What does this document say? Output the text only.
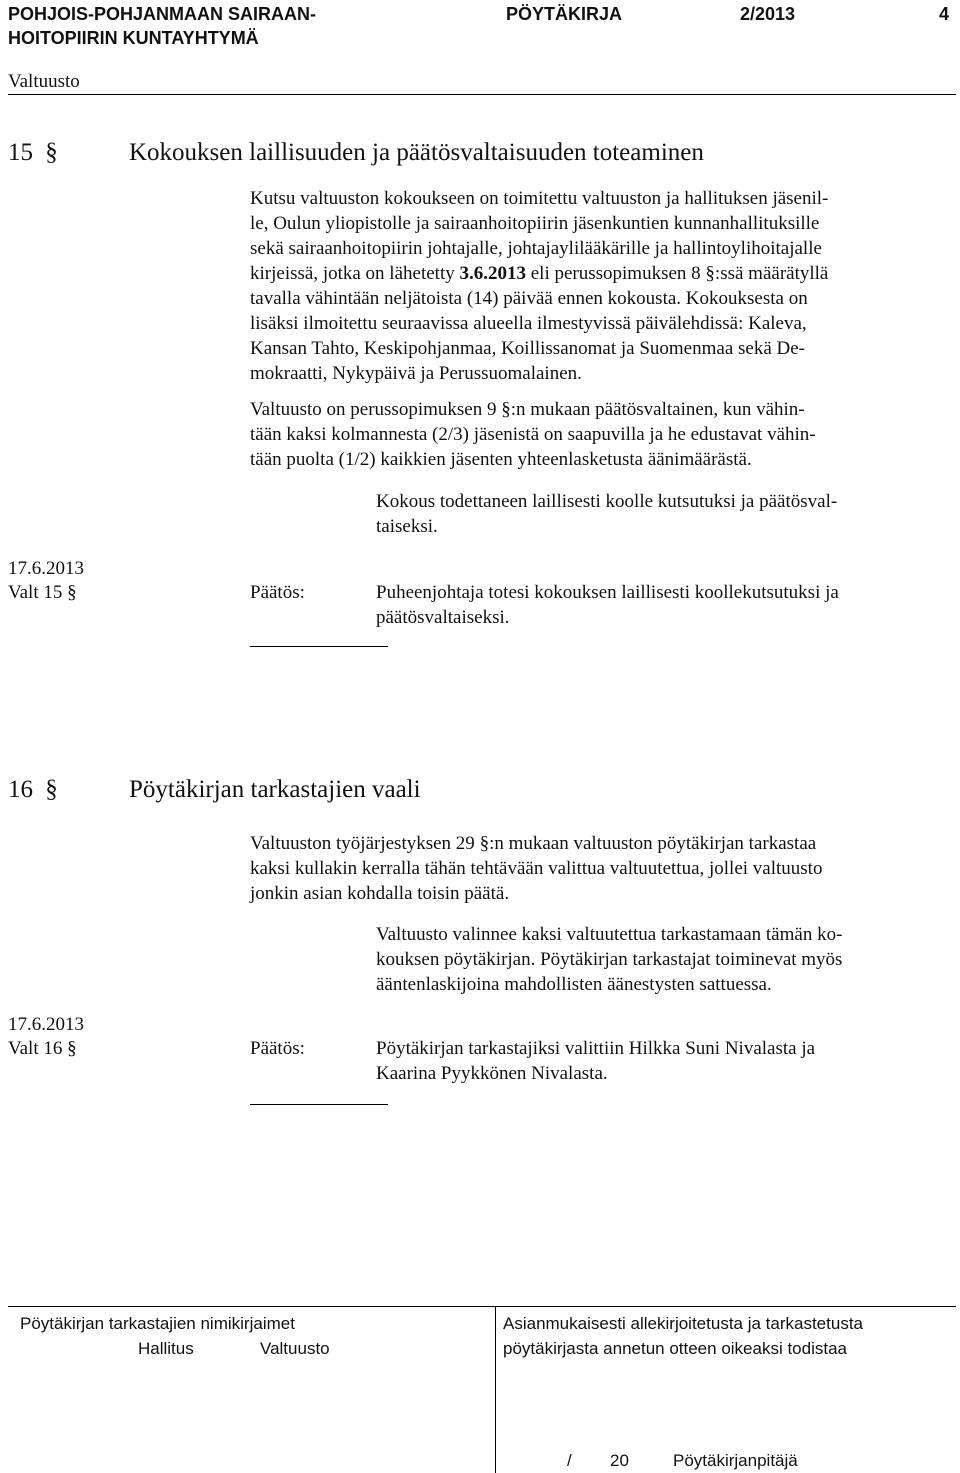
POHJOIS-POHJANMAAN SAIRAAN-
HOITOPIIRIN KUNTAYHTYMÄ
PÖYTÄKIRJA	2/2013	4
Valtuusto
15 §	Kokouksen laillisuuden ja päätösvaltaisuuden toteaminen
Kutsu valtuuston kokoukseen on toimitettu valtuuston ja hallituksen jäsenil-
le, Oulun yliopistolle ja sairaanhoitopiirin jäsenkuntien kunnanhallituksille
sekä sairaanhoitopiirin johtajalle, johtajaylilääkärille ja hallintoylihoitajalle
kirjeissä, jotka on lähetetty 3.6.2013 eli perussopimuksen 8 §:ssä määrätyllä
tavalla vähintään neljätoista (14) päivää ennen kokousta. Kokouksesta on
lisäksi ilmoitettu seuraavissa alueella ilmestyvissä päivälehdissä: Kaleva,
Kansan Tahto, Keskipohjanmaa, Koillissanomat ja Suomenmaa sekä De-
mokraatti, Nykypäivä ja Perussuomalainen.
Valtuusto on perussopimuksen 9 §:n mukaan päätösvaltainen, kun vähin-
tään kaksi kolmannesta (2/3) jäsenistä on saapuvilla ja he edustavat vähin-
tään puolta (1/2) kaikkien jäsenten yhteenlasketusta äänimäärästä.
Kokous todettaneen laillisesti koolle kutsutuksi ja päätösval-
taiseksi.
17.6.2013
Valt 15 §	Päätös:	Puheenjohtaja totesi kokouksen laillisesti koollekutsutuksi ja
päätösvaltaiseksi.
16 §	Pöytäkirjan tarkastajien vaali
Valtuuston työjärjestyksen 29 §:n mukaan valtuuston pöytäkirjan tarkastaa
kaksi kullakin kerralla tähän tehtävään valittua valtuutettua, jollei valtuusto
jonkin asian kohdalla toisin päätä.
Valtuusto valinnee kaksi valtuutettua tarkastamaan tämän ko-
kouksen pöytäkirjan. Pöytäkirjan tarkastajat toiminevat myös
ääntenlaskijoina mahdollisten äänestysten sattuessa.
17.6.2013
Valt 16 §	Päätös:	Pöytäkirjan tarkastajiksi valittiin Hilkka Suni Nivalasta ja
Kaarina Pyykkönen Nivalasta.
Pöytäkirjan tarkastajien nimikirjaimet
Hallitus	Valtuusto
Asianmukaisesti allekirjoitetusta ja tarkastetusta
pöytäkirjasta annetun otteen oikeaksi todistaa
/ 20	Pöytäkirjanpitäjä
